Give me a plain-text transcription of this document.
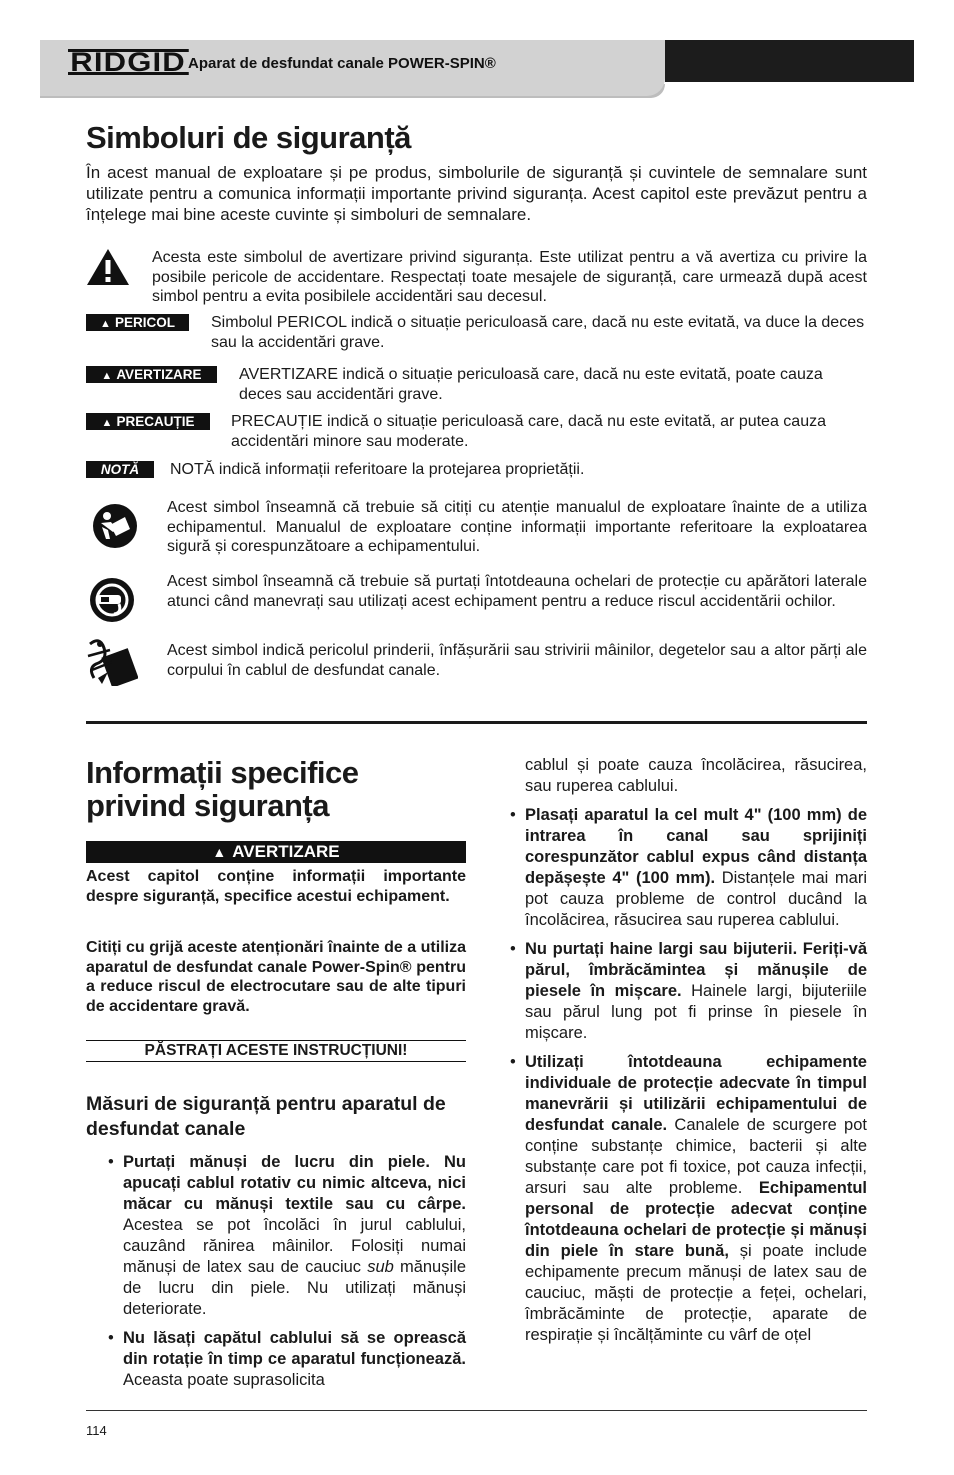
RIDGID Aparat de desfundat canale POWER-SPIN®
Simboluri de siguranță
În acest manual de exploatare și pe produs, simbolurile de siguranță și cuvintele de semnalare sunt utilizate pentru a comunica informații importante privind siguranța. Acest capitol este prevăzut pentru a înțelege mai bine aceste cuvinte și simboluri de semnalare.
Acesta este simbolul de avertizare privind siguranța. Este utilizat pentru a vă avertiza cu privire la posibile pericole de accidentare. Respectați toate mesajele de siguranță, care urmează după acest simbol pentru a evita posibilele accidentări sau decesul.
▲ PERICOL	Simbolul PERICOL indică o situație periculoasă care, dacă nu este evitată, va duce la deces sau la accidentări grave.
▲ AVERTIZARE	AVERTIZARE indică o situație periculoasă care, dacă nu este evitată, poate cauza deces sau accidentări grave.
▲ PRECAUȚIE	PRECAUȚIE indică o situație periculoasă care, dacă nu este evitată, ar putea cauza accidentări minore sau moderate.
NOTĂ	NOTĂ indică informații referitoare la protejarea proprietății.
Acest simbol înseamnă că trebuie să citiți cu atenție manualul de exploatare înainte de a utiliza echipamentul. Manualul de exploatare conține informații importante referitoare la exploatarea sigură și corespunzătoare a echipamentului.
Acest simbol înseamnă că trebuie să purtați întotdeauna ochelari de protecție cu apărători laterale atunci când manevrați sau utilizați acest echipament pentru a reduce riscul accidentării ochilor.
Acest simbol indică pericolul prinderii, înfășurării sau strivirii mâinilor, degetelor sau a altor părți ale corpului în cablul de desfundat canale.
Informații specifice privind siguranța
▲ AVERTIZARE
Acest capitol conține informații importante despre siguranță, specifice acestui echipament.
Citiți cu grijă aceste atenționări înainte de a utiliza aparatul de desfundat canale Power-Spin® pentru a reduce riscul de electrocutare sau de alte tipuri de accidentare gravă.
PĂSTRAȚI ACESTE INSTRUCȚIUNI!
Măsuri de siguranță pentru aparatul de desfundat canale
• Purtați mănuși de lucru din piele. Nu apucați cablul rotativ cu nimic altceva, nici măcar cu mănuși textile sau cu cârpe. Acestea se pot încolăci în jurul cablului, cauzând rănirea mâinilor. Folosiți numai mănuși de latex sau de cauciuc sub mănușile de lucru din piele. Nu utilizați mănuși deteriorate.
• Nu lăsați capătul cablului să se oprească din rotație în timp ce aparatul funcționează. Aceasta poate suprasolicita
cablul și poate cauza încolăcirea, răsucirea, sau ruperea cablului.
• Plasați aparatul la cel mult 4" (100 mm) de intrarea în canal sau sprijiniți corespunzător cablul expus când distanța depășește 4" (100 mm). Distanțele mai mari pot cauza probleme de control ducând la încolăcirea, răsucirea sau ruperea cablului.
• Nu purtați haine largi sau bijuterii. Feriți-vă părul, îmbrăcămintea și mănușile de piesele în mișcare. Hainele largi, bijuteriile sau părul lung pot fi prinse în piesele în mișcare.
• Utilizați întotdeauna echipamente individuale de protecție adecvate în timpul manevrării și utilizării echipamentului de desfundat canale. Canalele de scurgere pot conține substanțe chimice, bacterii și alte substanțe care pot fi toxice, pot cauza infecții, arsuri sau alte probleme. Echipamentul personal de protecție adecvat conține întotdeauna ochelari de protecție și mănuși din piele în stare bună, și poate include echipamente precum mănuși de latex sau de cauciuc, măști de protecție a feței, ochelari, îmbrăcăminte de protecție, aparate de respirație și încălțăminte cu vârf de oțel
114
